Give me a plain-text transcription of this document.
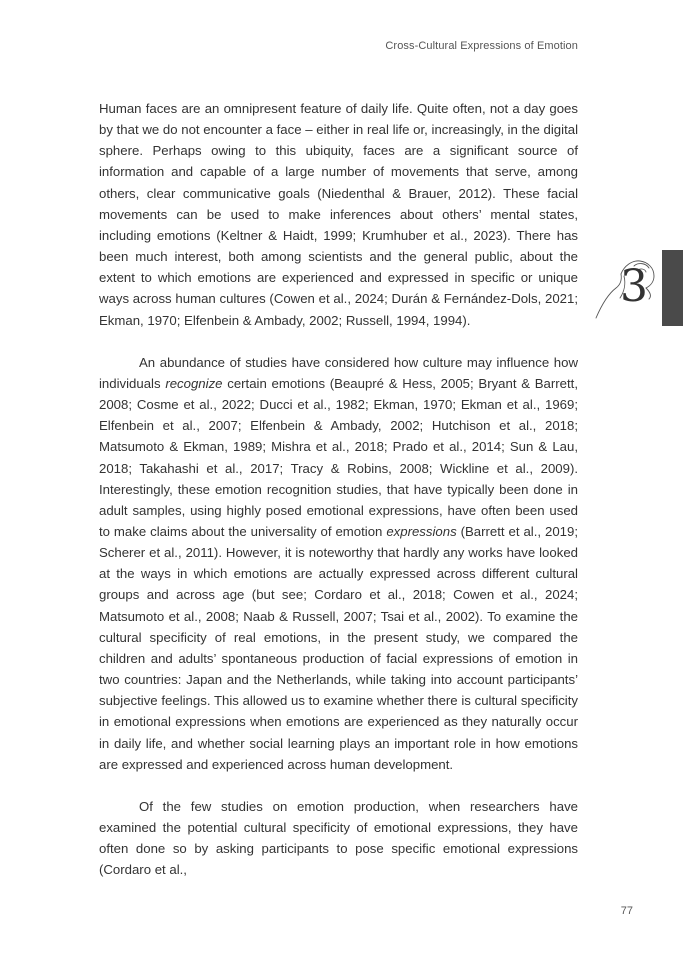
Cross-Cultural Expressions of Emotion
3

Human faces are an omnipresent feature of daily life. Quite often, not a day goes by that we do not encounter a face – either in real life or, increasingly, in the digital sphere. Perhaps owing to this ubiquity, faces are a significant source of information and capable of a large number of movements that serve, among others, clear communicative goals (Niedenthal & Brauer, 2012). These facial movements can be used to make inferences about others’ mental states, including emotions (Keltner & Haidt, 1999; Krumhuber et al., 2023). There has been much interest, both among scientists and the general public, about the extent to which emotions are experienced and expressed in specific or unique ways across human cultures (Cowen et al., 2024; Durán & Fernández-Dols, 2021; Ekman, 1970; Elfenbein & Ambady, 2002; Russell, 1994, 1994).

An abundance of studies have considered how culture may influence how individuals recognize certain emotions (Beaupré & Hess, 2005; Bryant & Barrett, 2008; Cosme et al., 2022; Ducci et al., 1982; Ekman, 1970; Ekman et al., 1969; Elfenbein et al., 2007; Elfenbein & Ambady, 2002; Hutchison et al., 2018; Matsumoto & Ekman, 1989; Mishra et al., 2018; Prado et al., 2014; Sun & Lau, 2018; Takahashi et al., 2017; Tracy & Robins, 2008; Wickline et al., 2009). Interestingly, these emotion recognition studies, that have typically been done in adult samples, using highly posed emotional expressions, have often been used to make claims about the universality of emotion expressions (Barrett et al., 2019; Scherer et al., 2011). However, it is noteworthy that hardly any works have looked at the ways in which emotions are actually expressed across different cultural groups and across age (but see; Cordaro et al., 2018; Cowen et al., 2024; Matsumoto et al., 2008; Naab & Russell, 2007; Tsai et al., 2002). To examine the cultural specificity of real emotions, in the present study, we compared the children and adults’ spontaneous production of facial expressions of emotion in two countries: Japan and the Netherlands, while taking into account participants’ subjective feelings. This allowed us to examine whether there is cultural specificity in emotional expressions when emotions are experienced as they naturally occur in daily life, and whether social learning plays an important role in how emotions are expressed and experienced across human development.

Of the few studies on emotion production, when researchers have examined the potential cultural specificity of emotional expressions, they have often done so by asking participants to pose specific emotional expressions (Cordaro et al.,

77
